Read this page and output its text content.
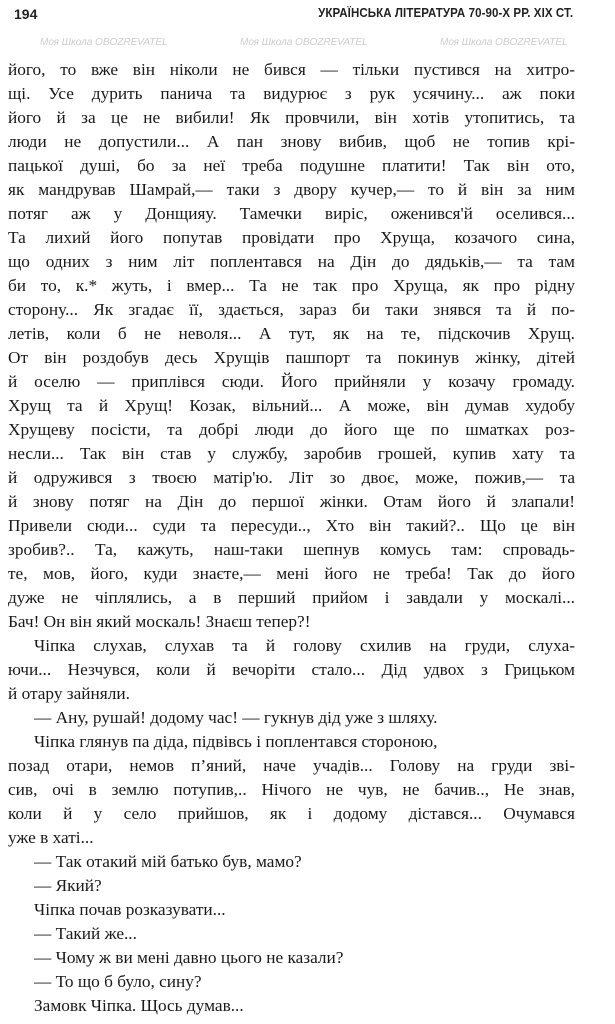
194	УКРАЇНСЬКА ЛІТЕРАТУРА 70-90-Х РР. XIX СТ.
Моя Школа OBOZREVATEL	Моя Школа OBOZREVATEL	Моя Школа OBOZREVATEL
його, то вже він ніколи не бився — тільки пустився на хитро-
щі. Усе дурить панича та видурює з рук усячину... аж поки
його й за це не вибили! Як провчили, він хотів утопитись, та
люди не допустили... А пан знову вибив, щоб не топив крі-
пацької душі, бо за неї треба подушне платити! Так він ото,
як мандрував Шамрай,— таки з двору кучер,— то й він за ним
потяг аж у Донщияу. Тамечки виріс, оженився'й оселився...
Та лихий його попутав провідати про Хруща, козачого сина,
що одних з ним літ поплентався на Дін до дядьків,— та там
би то, к.* жуть, і вмер... Та не так про Хруща, як про рідну
сторону... Як згадає її, здається, зараз би таки знявся та й по-
летів, коли б не неволя... А тут, як на те, підскочив Хрущ.
От він роздобув десь Хрущів пашпорт та покинув жінку, дітей
й оселю — приплівся сюди. Його прийняли у козачу громаду.
Хрущ та й Хрущ! Козак, вільний... А може, він думав худобу
Хрущеву посісти, та добрі люди до його ще по шматках роз-
несли... Так він став у службу, заробив грошей, купив хату та
й одружився з твоєю матір'ю. Літ зо двоє, може, пожив,— та
й знову потяг на Дін до першої жінки. Отам його й злапали!
Привели сюди... суди та пересуди.., Хто він такий?.. Що це він
зробив?.. Та, кажуть, наш-таки шепнув комусь там: спровадь-
те, мов, його, куди знаєте,— мені його не треба! Так до його
дуже не чіплялись, а в перший прийом і завдали у москалі...
Бач! Он він який москаль! Знаєш тепер?!
Чіпка слухав, слухав та й голову схилив на груди, слуха-
ючи... Незчувся, коли й вечоріти стало... Дід удвох з Грицьком
й отару зайняли.
— Ану, рушай! додому час! — гукнув дід уже з шляху.
Чіпка глянув па діда, підвівсь і поплентався стороною,
позад отари, немов п’яний, наче учадів... Голову на груди зві-
сив, очі в землю потупив,.. Нічого не чув, не бачив.., Не знав,
коли й у село прийшов, як і додому дістався... Очумався
уже в хаті...
— Так отакий мій батько був, мамо?
— Який?
Чіпка почав розказувати...
— Такий же...
— Чому ж ви мені давно цього не казали?
— То що б було, сину?
Замовк Чіпка. Щось думав...
